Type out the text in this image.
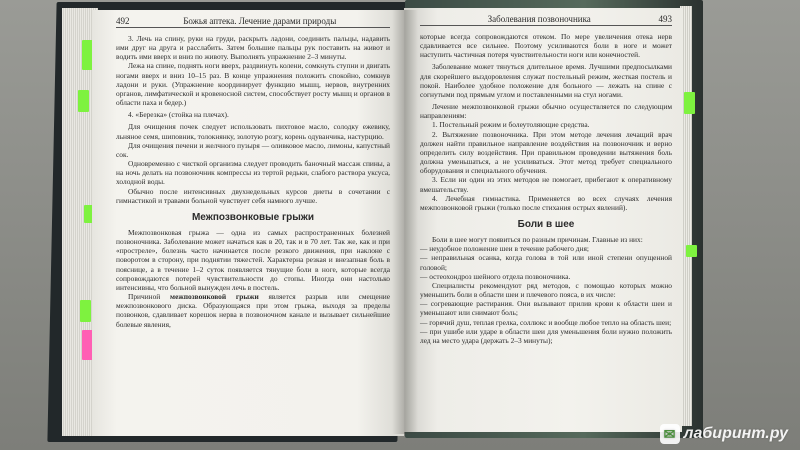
492	Божья аптека. Лечение дарами природы

3. Лечь на спину, руки на груди, раскрыть ладони, соединить пальцы, надавить ими друг на друга и расслабить. Затем большие пальцы рук поставить на живот и водить ими вверх и вниз по животу. Выполнять упражнение 2–3 минуты.

Лежа на спине, поднять ноги вверх, раздвинуть колени, сомкнуть ступни и двигать ногами вверх и вниз 10–15 раз. В конце упражнения положить спокойно, сомкнув ладони и руки. (Упражнение координирует функцию мышц, нервов, внутренних органов, лимфатической и кровеносной систем, способствует росту мышц и органов в области паха и бедер.)

4. «Березка» (стойка на плечах).

Для очищения почек следует использовать пихтовое масло, солодку ежевику, льняное семя, шиповник, толокнянку, золотую розгу, корень одуванчика, настурцию.

Для очищения печени и желчного пузыря — оливковое масло, лимоны, капустный сок.

Одновременно с чисткой организма следует проводить баночный массаж спины, а на ночь делать на позвоночник компрессы из тертой редьки, слабого раствора уксуса, холодной воды.

Обычно после интенсивных двухнедельных курсов диеты в сочетании с гимнастикой и травами больной чувствует себя намного лучше.

Межпозвонковые грыжи

Межпозвонковая грыжа — одна из самых распространенных болезней позвоночника. Заболевание может начаться как в 20, так и в 70 лет. Так же, как и при «прострелe», болезнь часто начинается после резкого движения, при наклоне с поворотом в сторону, при поднятии тяжестей. Характерна резкая и внезапная боль в пояснице, а в течение 1–2 суток появляется тянущие боли в ноге, которые всегда сопровождаются потерей чувствительности до стопы. Иногда они настолько интенсивны, что больной вынужден лечь в постель.

Причиной межпозвонковой грыжи является разрыв или смещение межпозвонкового диска. Образующаяся при этом грыжа, выходя за пределы позвонков, сдавливает корешок нерва в позвоночном канале и вызывает сильнейшие болевые явления,

Заболевания позвоночника	493

которые всегда сопровождаются отеком. По мере увеличения отека нерв сдавливается все сильнее. Поэтому усиливаются боли в ноге и может наступить частичная потеря чувствительности ноги или конечностей.

Заболевание может тянуться длительное время. Лучшими предпосылками для скорейшего выздоровления служат постельный режим, жесткая постель и покой. Наиболее удобное положение для больного — лежать на спине с согнутыми под прямым углом и поставленными на стул ногами.

Лечение межпозвонковой грыжи обычно осуществляется по следующим направлениям:

1. Постельный режим и болеутоляющие средства.

2. Вытяжение позвоночника. При этом методе лечения лечащий врач должен найти правильное направление воздействия на позвоночник и верно определить силу воздействия. При правильном проведении вытяжения боль должна уменьшаться, а не усиливаться. Этот метод требует специального оборудования и специального обучения.

3. Если ни один из этих методов не помогает, прибегают к оперативному вмешательству.

4. Лечебная гимнастика. Применяется во всех случаях лечения межпозвонковой грыжи (только после стихания острых явлений).

Боли в шее

Боли в шее могут появиться по разным причинам. Главные из них:

— неудобное положение шеи в течение рабочего дня;

— неправильная осанка, когда голова в той или иной степени опущенной головой;

— остеохондроз шейного отдела позвоночника.

Специалисты рекомендуют ряд методов, с помощью которых можно уменьшить боли в области шеи и плечевого пояса, в их числе:

— согревающие растирания. Они вызывают прилив крови к области шеи и уменьшают или снимают боль;

— горячий душ, теплая грелка, соллюкс и вообще любое тепло на область шеи;

— при ушибе или ударе в области шеи для уменьшения боли нужно положить лед на место удара (держать 2–3 минуты);

✉ лабиринт.ру
